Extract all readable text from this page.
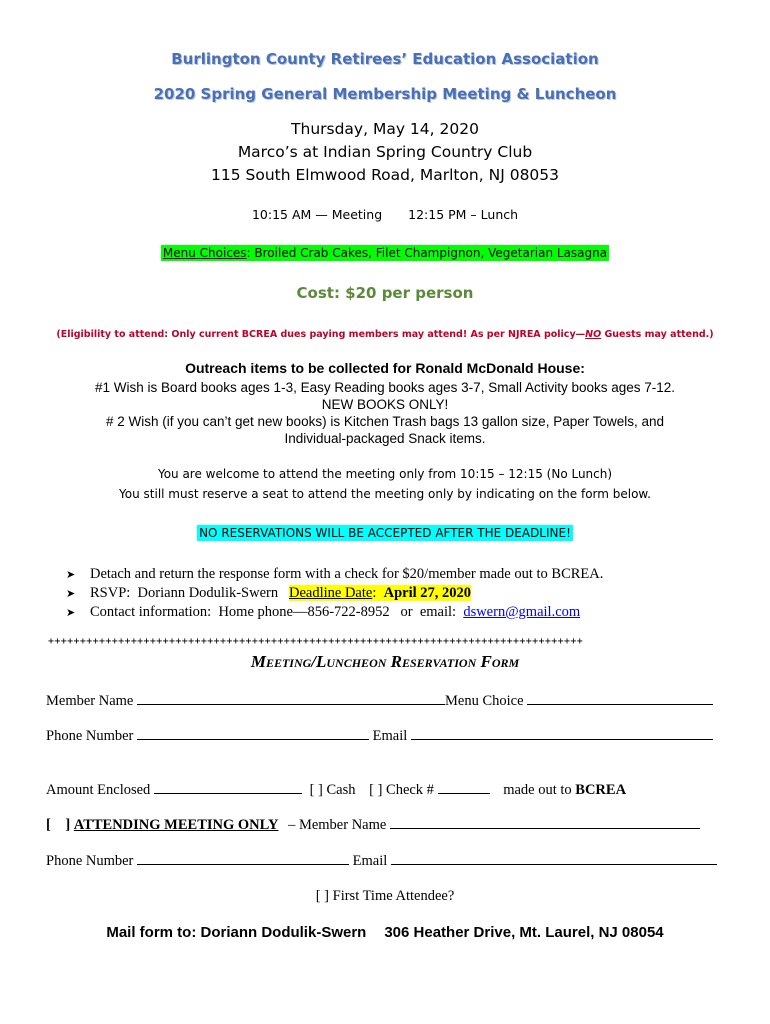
Burlington County Retirees’ Education Association
2020 Spring General Membership Meeting & Luncheon
Thursday, May 14, 2020
Marco’s at Indian Spring Country Club
115 South Elmwood Road, Marlton, NJ 08053
10:15 AM — Meeting 12:15 PM – Lunch
Menu Choices: Broiled Crab Cakes, Filet Champignon, Vegetarian Lasagna
Cost: $20 per person
(Eligibility to attend: Only current BCREA dues paying members may attend! As per NJREA policy—NO Guests may attend.)
Outreach items to be collected for Ronald McDonald House:
#1 Wish is Board books ages 1-3, Easy Reading books ages 3-7, Small Activity books ages 7-12.
NEW BOOKS ONLY!
# 2 Wish (if you can’t get new books) is Kitchen Trash bags 13 gallon size, Paper Towels, and
Individual-packaged Snack items.
You are welcome to attend the meeting only from 10:15 – 12:15 (No Lunch)
You still must reserve a seat to attend the meeting only by indicating on the form below.
NO RESERVATIONS WILL BE ACCEPTED AFTER THE DEADLINE!
➤ Detach and return the response form with a check for $20/member made out to BCREA.
➤ RSVP:  Doriann Dodulik-Swern   Deadline Date:  April 27, 2020
➤ Contact information:  Home phone—856-722-8952   or  email:  dswern@gmail.com
++++++++++++++++++++++++++++++++++++++++++++++++++++++++++++++++++++++++++++++++++++
Meeting/Luncheon Reservation Form
Member Name	Menu Choice
Phone Number	Email
Amount Enclosed	[ ] Cash [ ] Check #	made out to BCREA
[    ] ATTENDING MEETING ONLY – Member Name
Phone Number	Email
[ ] First Time Attendee?
Mail form to: Doriann Dodulik-Swern 306 Heather Drive, Mt. Laurel, NJ 08054
